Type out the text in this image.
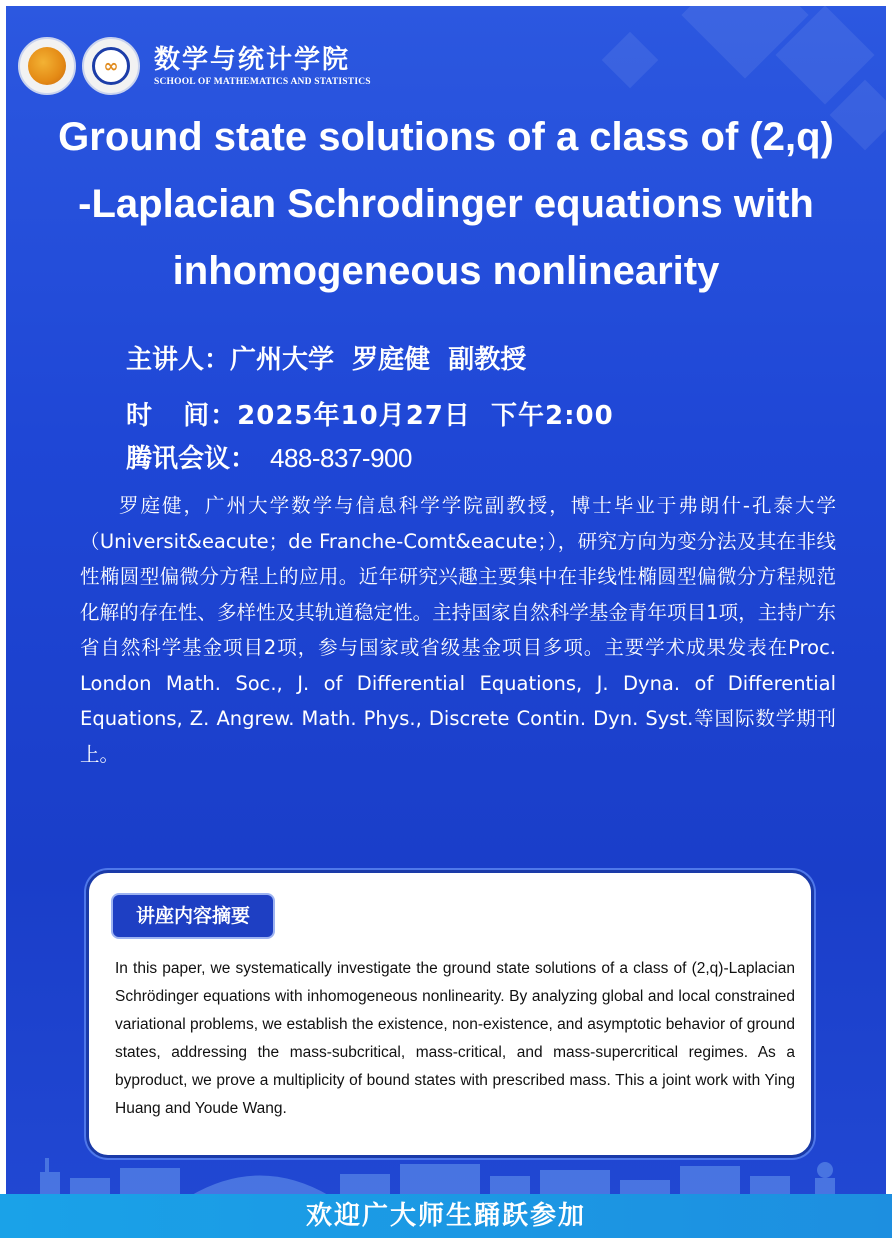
∞	数学与统计学院
SCHOOL OF MATHEMATICS AND STATISTICS
Ground state solutions of a class of (2,q)
-Laplacian Schrodinger equations with
inhomogeneous nonlinearity
主讲人：广州大学  罗庭健  副教授
时   间：2025年10月27日  下午2:00
腾讯会议： 488-837-900

罗庭健，广州大学数学与信息科学学院副教授，博士毕业于弗朗什-孔泰大学（Universit&eacute；de Franche-Comt&eacute；），研究方向为变分法及其在非线性椭圆型偏微分方程上的应用。近年研究兴趣主要集中在非线性椭圆型偏微分方程规范化解的存在性、多样性及其轨道稳定性。主持国家自然科学基金青年项目1项，主持广东省自然科学基金项目2项，参与国家或省级基金项目多项。主要学术成果发表在Proc. London Math. Soc., J. of Differential Equations, J. Dyna. of Differential Equations, Z. Angrew. Math. Phys., Discrete Contin. Dyn. Syst.等国际数学期刊上。

讲座内容摘要
In this paper, we systematically investigate the ground state solutions of a class of (2,q)-Laplacian Schrödinger equations with inhomogeneous nonlinearity. By analyzing global and local constrained variational problems, we establish the existence, non-existence, and asymptotic behavior of ground states, addressing the mass-subcritical, mass-critical, and mass-supercritical regimes. As a byproduct, we prove a multiplicity of bound states with prescribed mass. This a joint work with Ying Huang and Youde Wang.
欢迎广大师生踊跃参加
